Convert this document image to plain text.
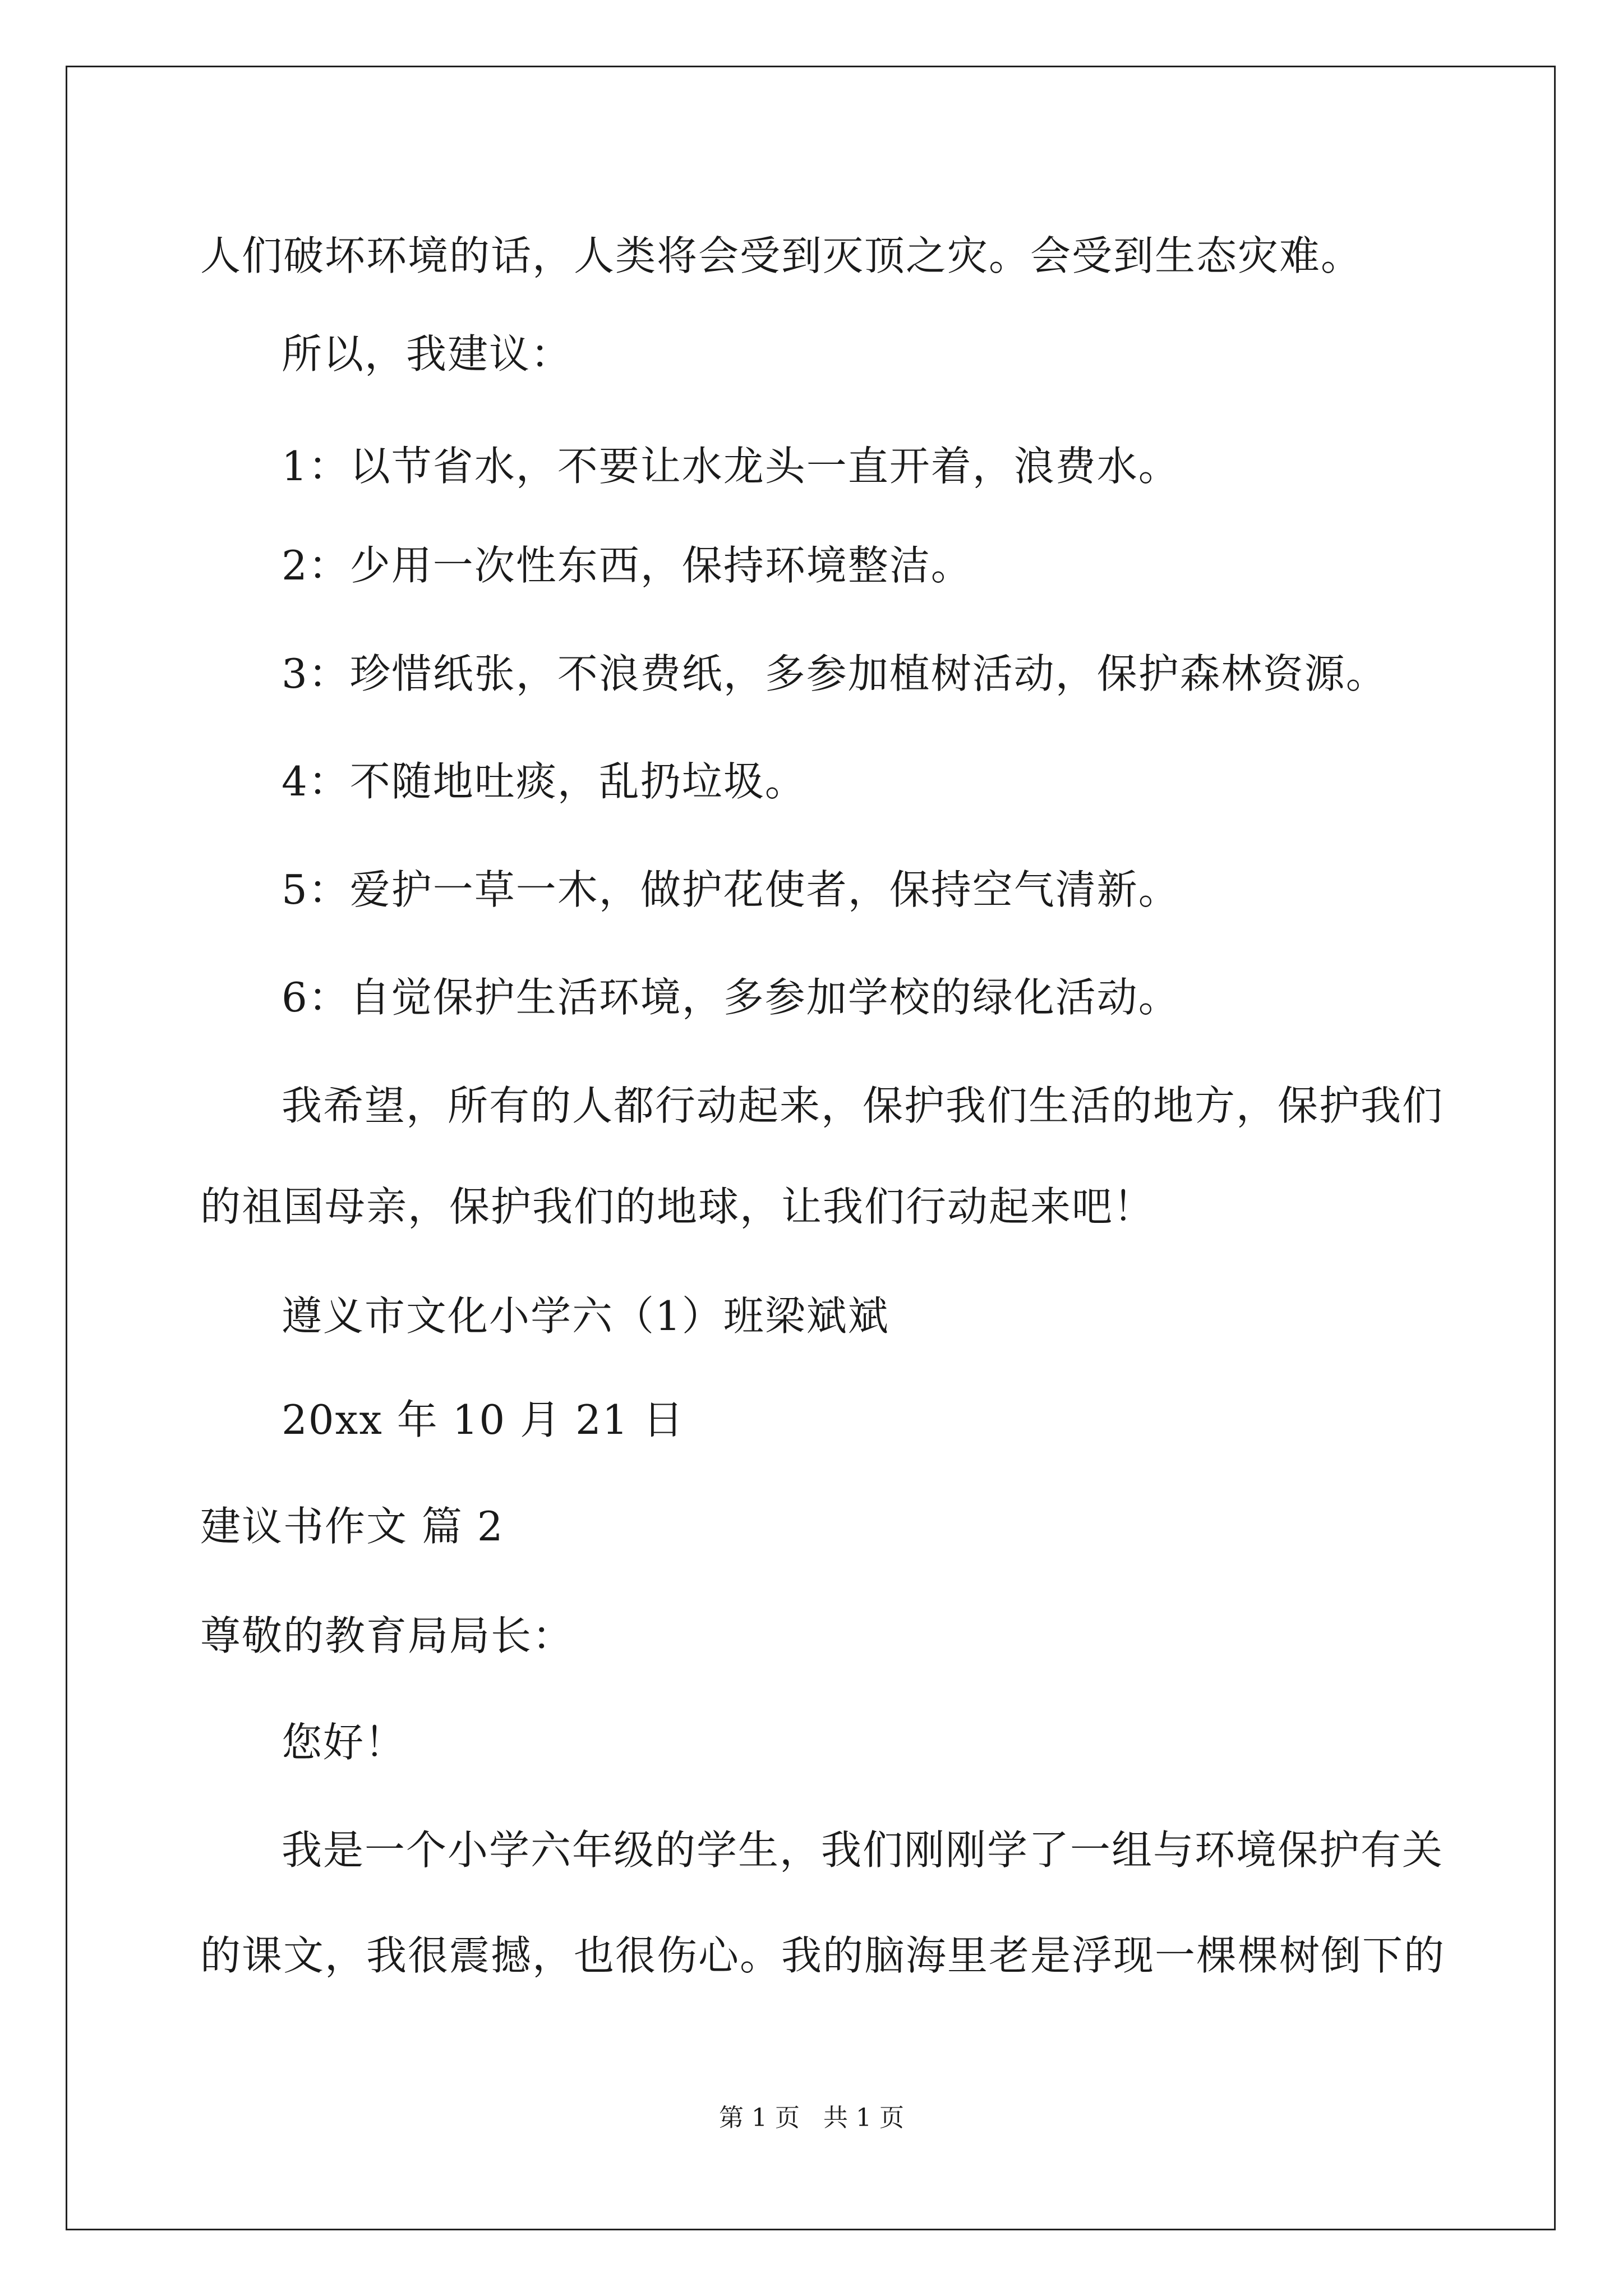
人们破坏环境的话，人类将会受到灭顶之灾。会受到生态灾难。
所以，我建议：
1：以节省水，不要让水龙头一直开着，浪费水。
2：少用一次性东西，保持环境整洁。
3：珍惜纸张，不浪费纸，多参加植树活动，保护森林资源。
4：不随地吐痰，乱扔垃圾。
5：爱护一草一木，做护花使者，保持空气清新。
6：自觉保护生活环境，多参加学校的绿化活动。
我希望，所有的人都行动起来，保护我们生活的地方，保护我们
的祖国母亲，保护我们的地球，让我们行动起来吧！
遵义市文化小学六（1）班梁斌斌
20xx 年 10 月 21 日
建议书作文 篇 2
尊敬的教育局局长：
您好！
我是一个小学六年级的学生，我们刚刚学了一组与环境保护有关
的课文，我很震撼，也很伤心。我的脑海里老是浮现一棵棵树倒下的
第 1 页   共 1 页
